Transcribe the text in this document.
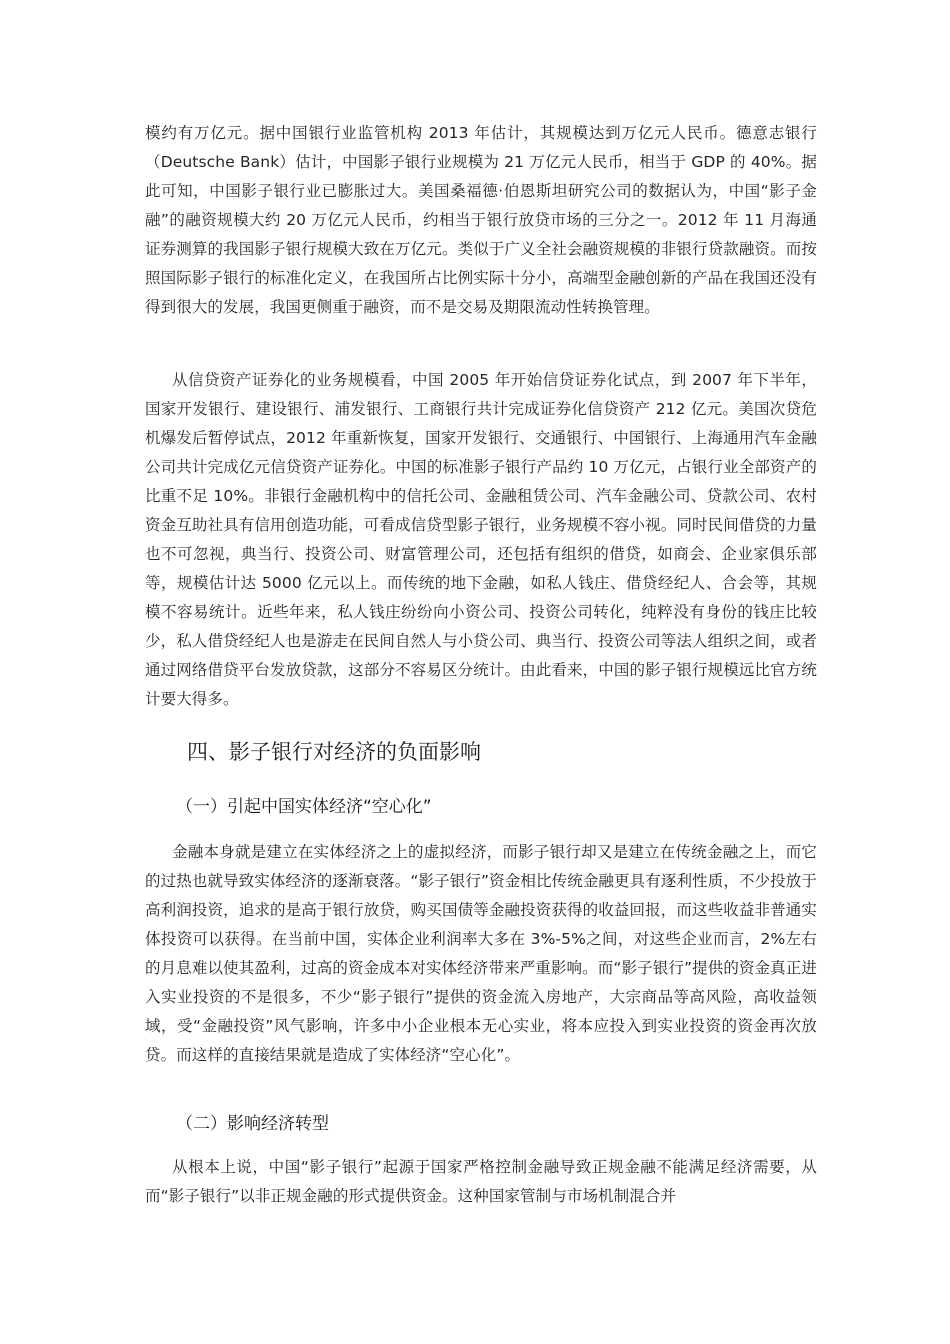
模约有万亿元。据中国银行业监管机构 2013 年估计，其规模达到万亿元人民币。德意志银行（Deutsche Bank）估计，中国影子银行业规模为 21 万亿元人民币，相当于 GDP 的 40%。据此可知，中国影子银行业已膨胀过大。美国桑福德·伯恩斯坦研究公司的数据认为，中国“影子金融”的融资规模大约 20 万亿元人民币，约相当于银行放贷市场的三分之一。2012 年 11 月海通证券测算的我国影子银行规模大致在万亿元。类似于广义全社会融资规模的非银行贷款融资。而按照国际影子银行的标准化定义，在我国所占比例实际十分小，高端型金融创新的产品在我国还没有得到很大的发展，我国更侧重于融资，而不是交易及期限流动性转换管理。

从信贷资产证券化的业务规模看，中国 2005 年开始信贷证券化试点，到 2007 年下半年，国家开发银行、建设银行、浦发银行、工商银行共计完成证券化信贷资产 212 亿元。美国次贷危机爆发后暂停试点，2012 年重新恢复，国家开发银行、交通银行、中国银行、上海通用汽车金融公司共计完成亿元信贷资产证券化。中国的标准影子银行产品约 10 万亿元，占银行业全部资产的比重不足 10%。非银行金融机构中的信托公司、金融租赁公司、汽车金融公司、贷款公司、农村资金互助社具有信用创造功能，可看成信贷型影子银行，业务规模不容小视。同时民间借贷的力量也不可忽视，典当行、投资公司、财富管理公司，还包括有组织的借贷，如商会、企业家俱乐部等，规模估计达 5000 亿元以上。而传统的地下金融，如私人钱庄、借贷经纪人、合会等，其规模不容易统计。近些年来，私人钱庄纷纷向小资公司、投资公司转化，纯粹没有身份的钱庄比较少，私人借贷经纪人也是游走在民间自然人与小贷公司、典当行、投资公司等法人组织之间，或者通过网络借贷平台发放贷款，这部分不容易区分统计。由此看来，中国的影子银行规模远比官方统计要大得多。

四、影子银行对经济的负面影响
（一）引起中国实体经济“空心化”

金融本身就是建立在实体经济之上的虚拟经济，而影子银行却又是建立在传统金融之上，而它的过热也就导致实体经济的逐渐衰落。“影子银行”资金相比传统金融更具有逐利性质，不少投放于高利润投资，追求的是高于银行放贷，购买国债等金融投资获得的收益回报，而这些收益非普通实体投资可以获得。在当前中国，实体企业利润率大多在 3%-5%之间，对这些企业而言，2%左右的月息难以使其盈利，过高的资金成本对实体经济带来严重影响。而“影子银行”提供的资金真正进入实业投资的不是很多，不少“影子银行”提供的资金流入房地产，大宗商品等高风险，高收益领域，受“金融投资”风气影响，许多中小企业根本无心实业，将本应投入到实业投资的资金再次放贷。而这样的直接结果就是造成了实体经济“空心化”。

（二）影响经济转型

从根本上说，中国“影子银行”起源于国家严格控制金融导致正规金融不能满足经济需要，从而“影子银行”以非正规金融的形式提供资金。这种国家管制与市场机制混合并
